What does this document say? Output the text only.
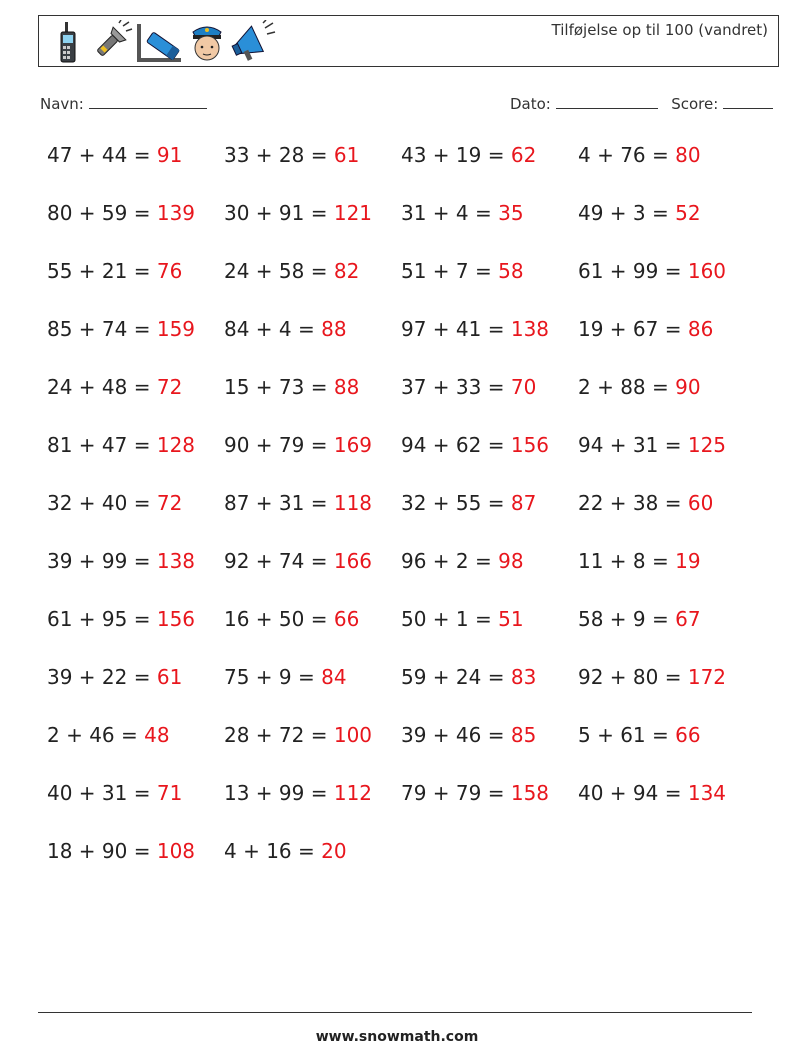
Tilføjelse op til 100 (vandret)
Navn:	Dato:	Score:
47 + 44 = 91 33 + 28 = 61 43 + 19 = 62 4 + 76 = 80
80 + 59 = 139 30 + 91 = 121 31 + 4 = 35	49 + 3 = 52
55 + 21 = 76 24 + 58 = 82 51 + 7 = 58	61 + 99 = 160
85 + 74 = 159 84 + 4 = 88	97 + 41 = 138 19 + 67 = 86
24 + 48 = 72 15 + 73 = 88 37 + 33 = 70 2 + 88 = 90
81 + 47 = 128 90 + 79 = 169 94 + 62 = 156 94 + 31 = 125
32 + 40 = 72 87 + 31 = 118 32 + 55 = 87 22 + 38 = 60
39 + 99 = 138 92 + 74 = 166 96 + 2 = 98	11 + 8 = 19
61 + 95 = 156 16 + 50 = 66 50 + 1 = 51	58 + 9 = 67
39 + 22 = 61 75 + 9 = 84	59 + 24 = 83 92 + 80 = 172
2 + 46 = 48	28 + 72 = 100 39 + 46 = 85 5 + 61 = 66
40 + 31 = 71 13 + 99 = 112 79 + 79 = 158 40 + 94 = 134
18 + 90 = 108 4 + 16 = 20
www.snowmath.com
